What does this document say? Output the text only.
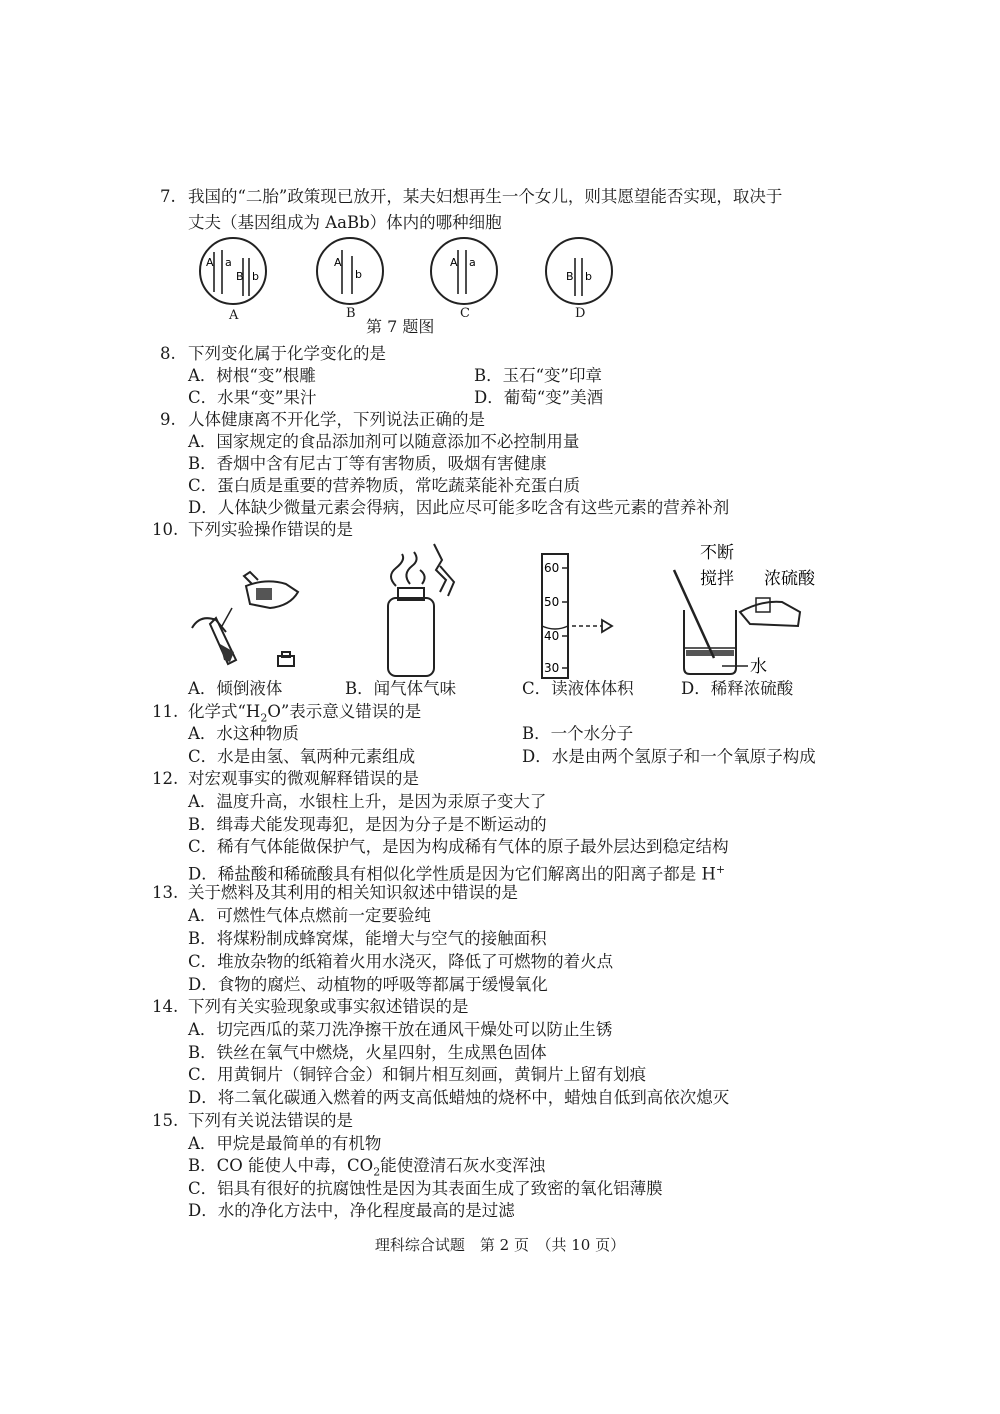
7. 我国的“二胎”政策现已放开，某夫妇想再生一个女儿，则其愿望能否实现，取决于
丈夫（基因组成为 AaBb）体内的哪种细胞
A a
B b
A
b
A a
B b
A	B	C	D
第 7 题图
8. 下列变化属于化学变化的是
A．树根“变”根雕	B．玉石“变”印章
C．水果“变”果汁	D．葡萄“变”美酒
9. 人体健康离不开化学，下列说法正确的是
A．国家规定的食品添加剂可以随意添加不必控制用量
B．香烟中含有尼古丁等有害物质，吸烟有害健康
C．蛋白质是重要的营养物质，常吃蔬菜能补充蛋白质
D．人体缺少微量元素会得病，因此应尽可能多吃含有这些元素的营养补剂
10. 下列实验操作错误的是
60
50
40
30
不断
搅拌 浓硫酸
水
A．倾倒液体	B．闻气体气味	C．读液体体积	D．稀释浓硫酸
11. 化学式“$H_2O$”表示意义错误的是
A．水这种物质	B．一个水分子
C．水是由氢、氧两种元素组成	D．水是由两个氢原子和一个氧原子构成
12. 对宏观事实的微观解释错误的是
A．温度升高，水银柱上升，是因为汞原子变大了
B．缉毒犬能发现毒犯，是因为分子是不断运动的
C．稀有气体能做保护气，是因为构成稀有气体的原子最外层达到稳定结构
D．稀盐酸和稀硫酸具有相似化学性质是因为它们解离出的阳离子都是 H+
13. 关于燃料及其利用的相关知识叙述中错误的是
A．可燃性气体点燃前一定要验纯
B．将煤粉制成蜂窝煤，能增大与空气的接触面积
C．堆放杂物的纸箱着火用水浇灭，降低了可燃物的着火点
D．食物的腐烂、动植物的呼吸等都属于缓慢氧化
14. 下列有关实验现象或事实叙述错误的是
A．切完西瓜的菜刀洗净擦干放在通风干燥处可以防止生锈
B．铁丝在氧气中燃烧，火星四射，生成黑色固体
C．用黄铜片（铜锌合金）和铜片相互刻画，黄铜片上留有划痕
D．将二氧化碳通入燃着的两支高低蜡烛的烧杯中，蜡烛自低到高依次熄灭
15. 下列有关说法错误的是
A．甲烷是最简单的有机物
B．CO 能使人中毒，$CO_2$能使澄清石灰水变浑浊
C．铝具有很好的抗腐蚀性是因为其表面生成了致密的氧化铝薄膜
D．水的净化方法中，净化程度最高的是过滤
理科综合试题　第 2 页　（共 10 页）
